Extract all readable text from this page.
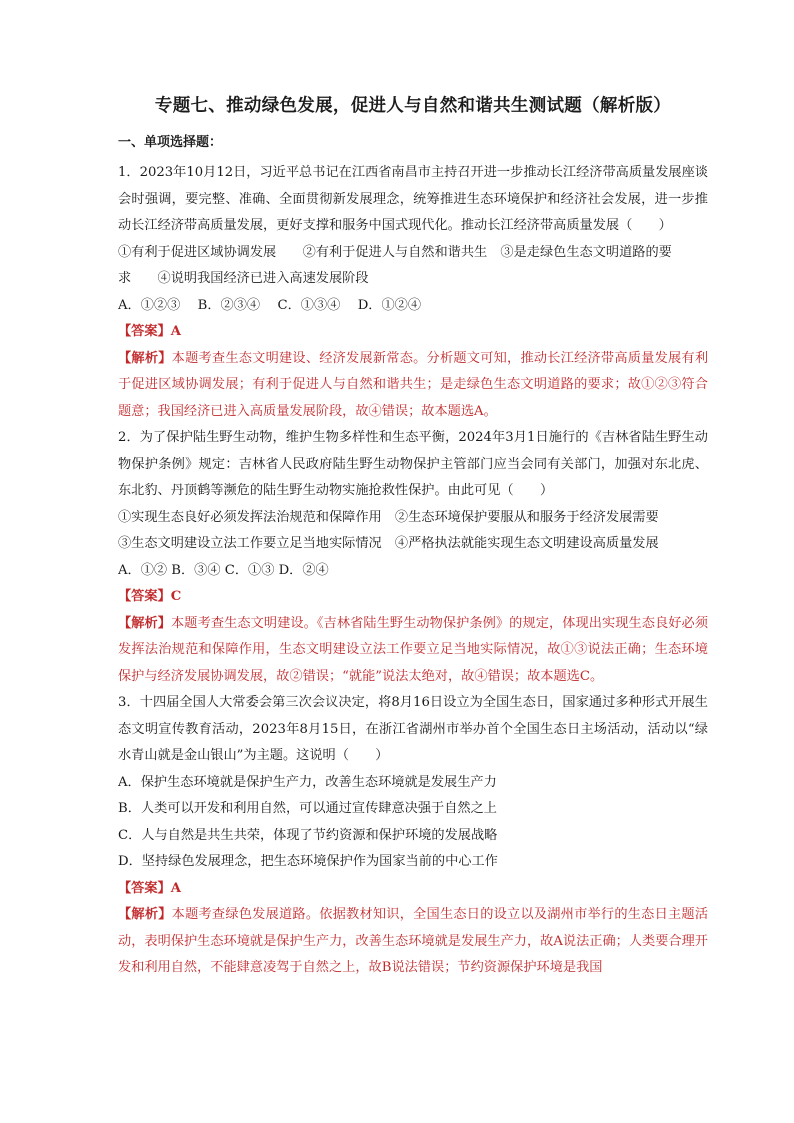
专题七、推动绿色发展，促进人与自然和谐共生测试题（解析版）
一、单项选择题：

1．2023年10月12日，习近平总书记在江西省南昌市主持召开进一步推动长江经济带高质量发展座谈会时强调，要完整、准确、全面贯彻新发展理念，统筹推进生态环境保护和经济社会发展，进一步推动长江经济带高质量发展，更好支撑和服务中国式现代化。推动长江经济带高质量发展（　　）

①有利于促进区域协调发展　　②有利于促进人与自然和谐共生　③是走绿色生态文明道路的要

求　　④说明我国经济已进入高速发展阶段

A．①②③　 B．②③④　 C．①③④　 D．①②④

【答案】A

【解析】本题考查生态文明建设、经济发展新常态。分析题文可知，推动长江经济带高质量发展有利于促进区域协调发展；有利于促进人与自然和谐共生；是走绿色生态文明道路的要求；故①②③符合题意；我国经济已进入高质量发展阶段，故④错误；故本题选A。

2．为了保护陆生野生动物，维护生物多样性和生态平衡，2024年3月1日施行的《吉林省陆生野生动物保护条例》规定：吉林省人民政府陆生野生动物保护主管部门应当会同有关部门，加强对东北虎、东北豹、丹顶鹤等濒危的陆生野生动物实施抢救性保护。由此可见（　　）

①实现生态良好必须发挥法治规范和保障作用　②生态环境保护要服从和服务于经济发展需要

③生态文明建设立法工作要立足当地实际情况　④严格执法就能实现生态文明建设高质量发展

A．①② B．③④ C．①③ D．②④

【答案】C

【解析】本题考查生态文明建设。《吉林省陆生野生动物保护条例》的规定，体现出实现生态良好必须发挥法治规范和保障作用，生态文明建设立法工作要立足当地实际情况，故①③说法正确；生态环境保护与经济发展协调发展，故②错误；“就能”说法太绝对，故④错误；故本题选C。

3．十四届全国人大常委会第三次会议决定，将8月16日设立为全国生态日，国家通过多种形式开展生态文明宣传教育活动，2023年8月15日，在浙江省湖州市举办首个全国生态日主场活动，活动以“绿水青山就是金山银山”为主题。这说明（　　）

A．保护生态环境就是保护生产力，改善生态环境就是发展生产力

B．人类可以开发和利用自然，可以通过宣传肆意决强于自然之上

C．人与自然是共生共荣，体现了节约资源和保护环境的发展战略

D．坚持绿色发展理念，把生态环境保护作为国家当前的中心工作

【答案】A

【解析】本题考查绿色发展道路。依据教材知识，全国生态日的设立以及湖州市举行的生态日主题活动，表明保护生态环境就是保护生产力，改善生态环境就是发展生产力，故A说法正确；人类要合理开发和利用自然，不能肆意凌驾于自然之上，故B说法错误；节约资源保护环境是我国
